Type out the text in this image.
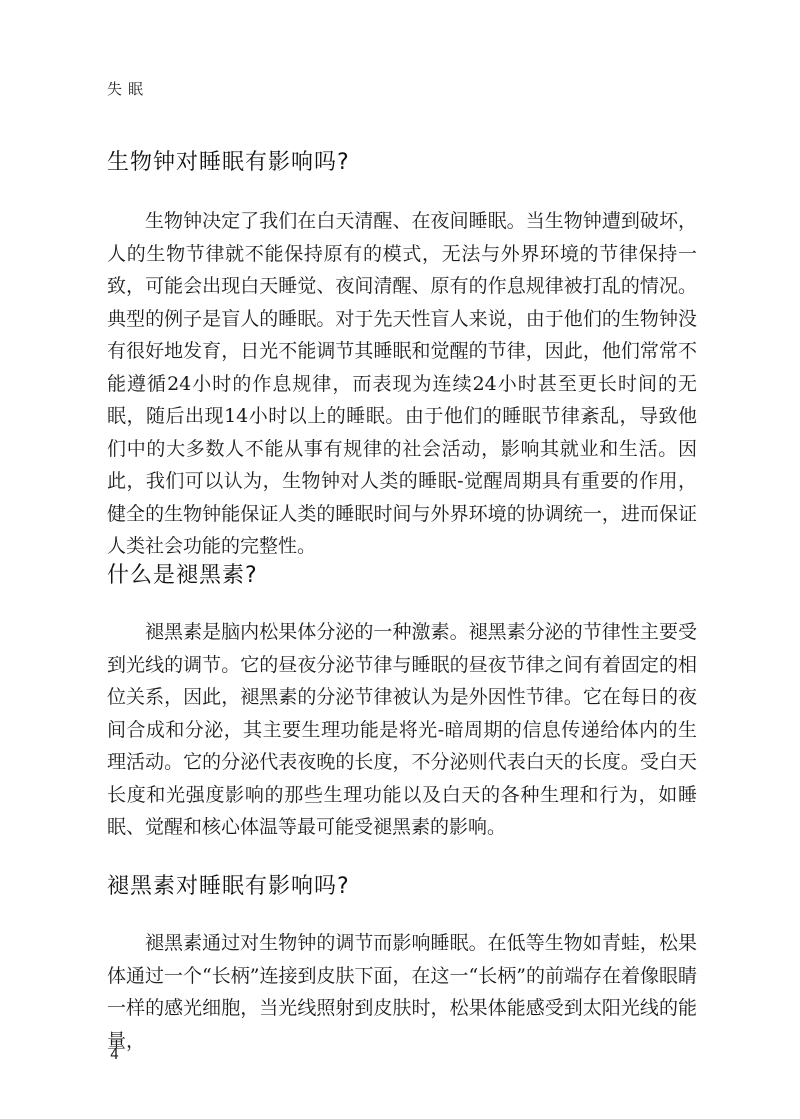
失眠
生物钟对睡眠有影响吗?

生物钟决定了我们在白天清醒、在夜间睡眠。当生物钟遭到破坏，人的生物节律就不能保持原有的模式，无法与外界环境的节律保持一致，可能会出现白天睡觉、夜间清醒、原有的作息规律被打乱的情况。典型的例子是盲人的睡眠。对于先天性盲人来说，由于他们的生物钟没有很好地发育，日光不能调节其睡眠和觉醒的节律，因此，他们常常不能遵循24小时的作息规律，而表现为连续24小时甚至更长时间的无眠，随后出现14小时以上的睡眠。由于他们的睡眠节律紊乱，导致他们中的大多数人不能从事有规律的社会活动，影响其就业和生活。因此，我们可以认为，生物钟对人类的睡眠-觉醒周期具有重要的作用，健全的生物钟能保证人类的睡眠时间与外界环境的协调统一，进而保证人类社会功能的完整性。

什么是褪黑素?

褪黑素是脑内松果体分泌的一种激素。褪黑素分泌的节律性主要受到光线的调节。它的昼夜分泌节律与睡眠的昼夜节律之间有着固定的相位关系，因此，褪黑素的分泌节律被认为是外因性节律。它在每日的夜间合成和分泌，其主要生理功能是将光-暗周期的信息传递给体内的生理活动。它的分泌代表夜晚的长度，不分泌则代表白天的长度。受白天长度和光强度影响的那些生理功能以及白天的各种生理和行为，如睡眠、觉醒和核心体温等最可能受褪黑素的影响。

褪黑素对睡眠有影响吗?

褪黑素通过对生物钟的调节而影响睡眠。在低等生物如青蛙，松果体通过一个“长柄”连接到皮肤下面，在这一“长柄”的前端存在着像眼睛一样的感光细胞，当光线照射到皮肤时，松果体能感受到太阳光线的能量，

4
